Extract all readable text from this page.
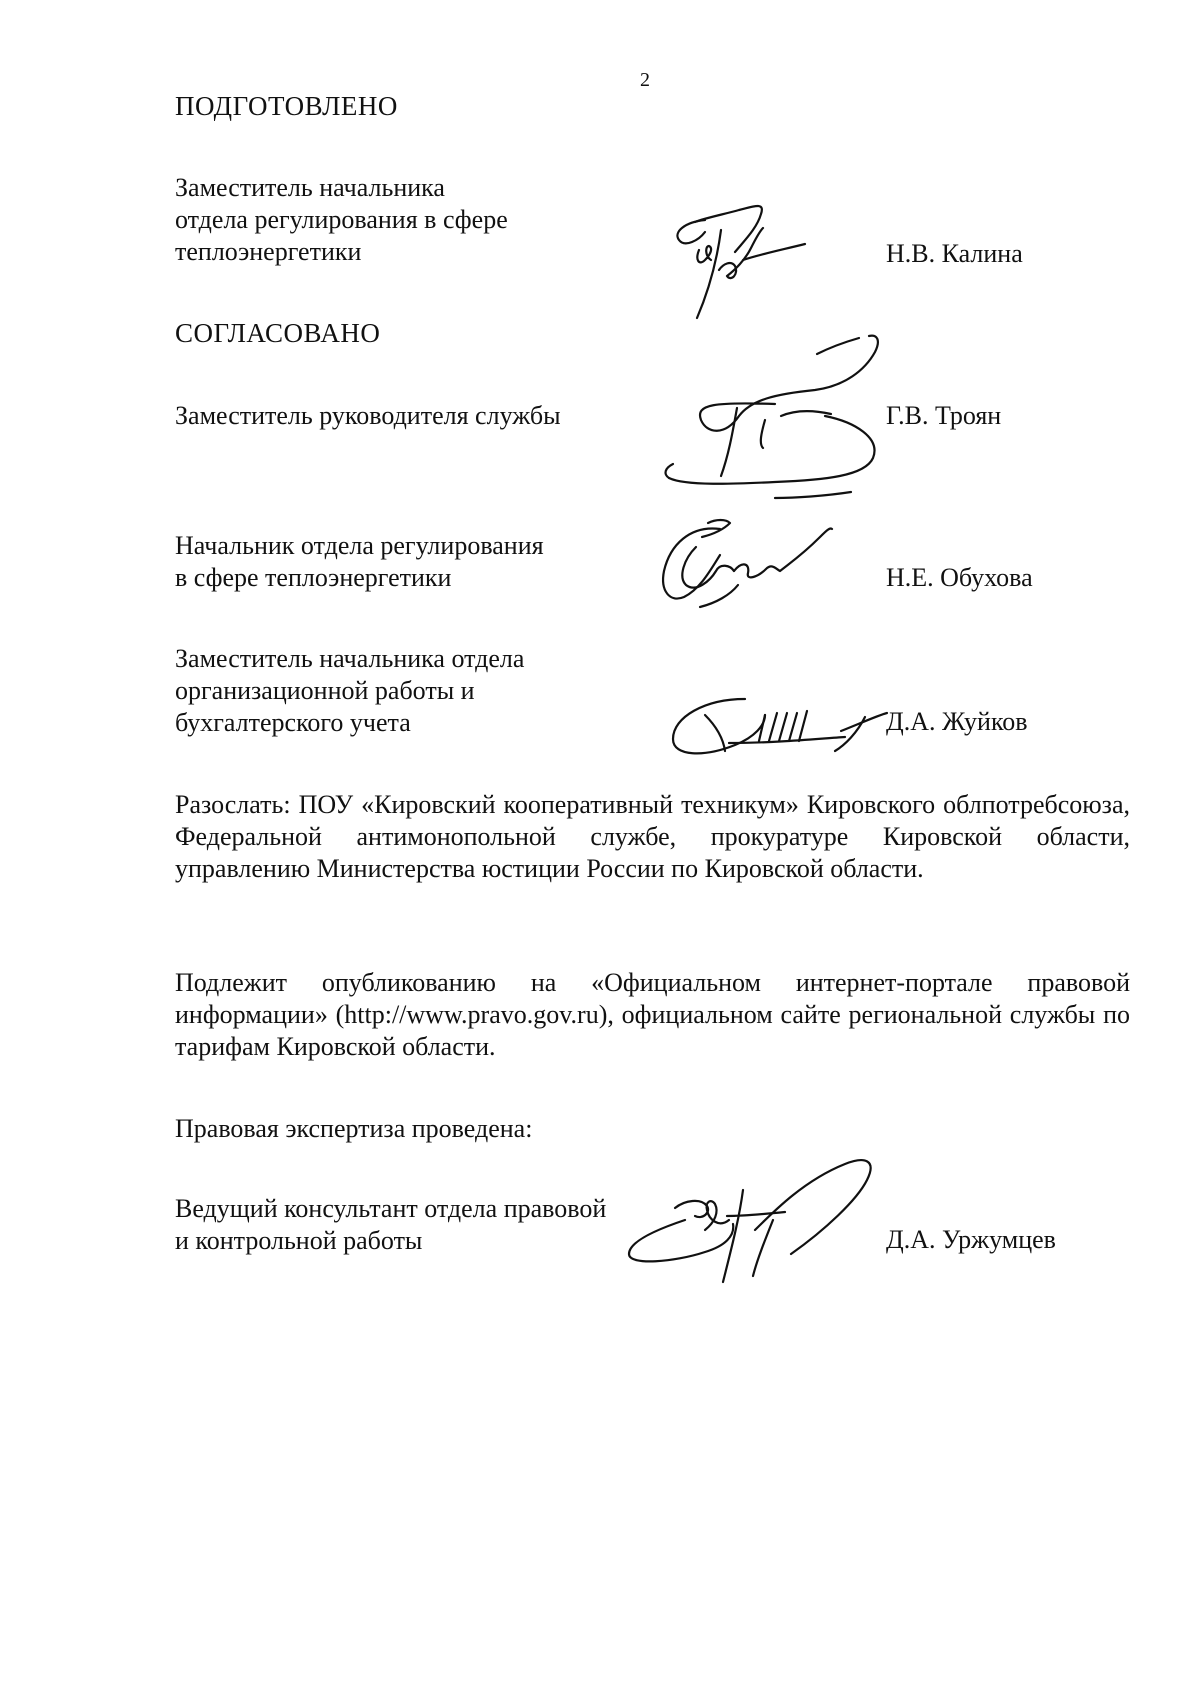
2
ПОДГОТОВЛЕНО
Заместитель начальника
отдела регулирования в сфере
теплоэнергетики	Н.В. Калина
СОГЛАСОВАНО
Заместитель руководителя службы	Г.В. Троян
Начальник отдела регулирования
в сфере теплоэнергетики	Н.Е. Обухова
Заместитель начальника отдела
организационной работы и
бухгалтерского учета	Д.А. Жуйков
Разослать: ПОУ «Кировский кооперативный техникум» Кировского облпотребсоюза, Федеральной антимонопольной службе, прокуратуре Кировской области, управлению Министерства юстиции России по Кировской области.
Подлежит опубликованию на «Официальном интернет-портале правовой информации» (http://www.pravo.gov.ru), официальном сайте региональной службы по тарифам Кировской области.
Правовая экспертиза проведена:
Ведущий консультант отдела правовой
и контрольной работы	Д.А. Уржумцев
